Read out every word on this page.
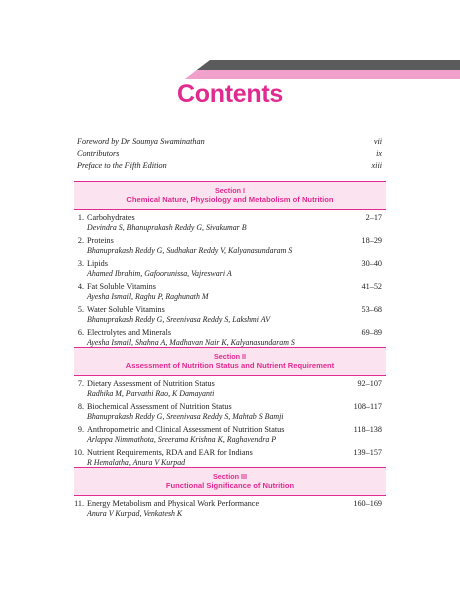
Contents
Foreword by Dr Soumya Swaminathan	vii
Contributors	ix
Preface to the Fifth Edition	xiii
Section I
Chemical Nature, Physiology and Metabolism of Nutrition
1. Carbohydrates	2–17
Devindra S, Bhanuprakash Reddy G, Sivakumar B
2. Proteins	18–29
Bhanuprakash Reddy G, Sudhakar Reddy V, Kalyanasundaram S
3. Lipids	30–40
Ahamed Ibrahim, Gafoorunissa, Vajreswari A
4. Fat Soluble Vitamins	41–52
Ayesha Ismail, Raghu P, Raghunath M
5. Water Soluble Vitamins	53–68
Bhanuprakash Reddy G, Sreenivasa Reddy S, Lakshmi AV
6. Electrolytes and Minerals	69–89
Ayesha Ismail, Shahna A, Madhavan Nair K, Kalyanasundaram S
Section II
Assessment of Nutrition Status and Nutrient Requirement
7. Dietary Assessment of Nutrition Status	92–107
Radhika M, Parvathi Rao, K Damayanti
8. Biochemical Assessment of Nutrition Status	108–117
Bhanuprakash Reddy G, Sreenivasa Reddy S, Mahtab S Bamji
9. Anthropometric and Clinical Assessment of Nutrition Status	118–138
Arlappa Nimmathota, Sreerama Krishna K, Raghavendra P
10. Nutrient Requirements, RDA and EAR for Indians	139–157
R Hemalatha, Anura V Kurpad
Section III
Functional Significance of Nutrition
11. Energy Metabolism and Physical Work Performance	160–169
Anura V Kurpad, Venkatesh K
